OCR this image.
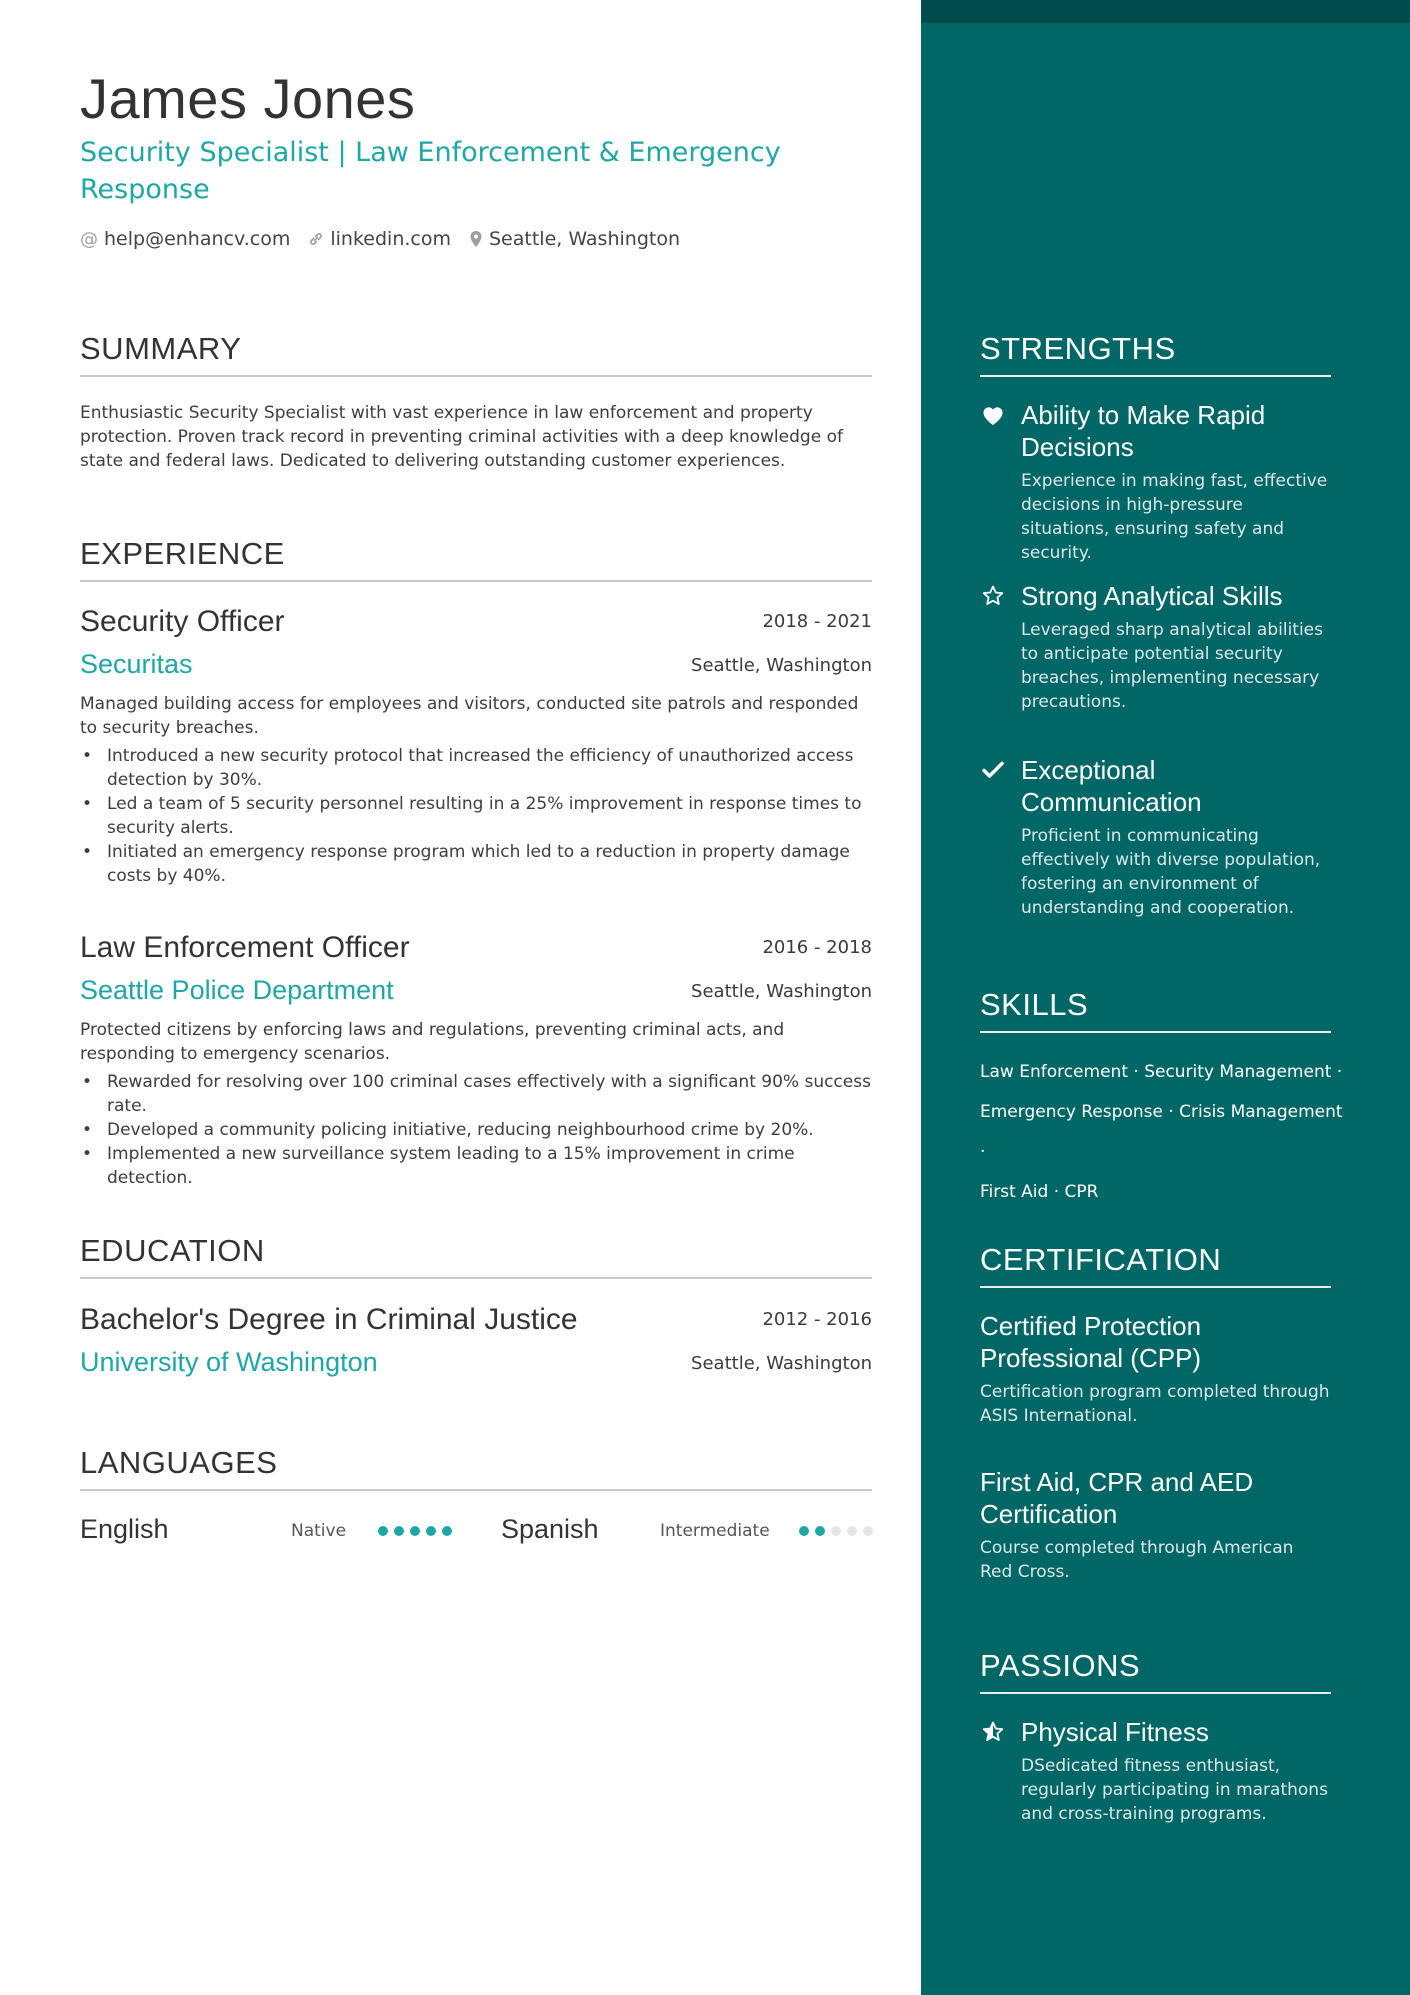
James Jones
Security Specialist | Law Enforcement & Emergency Response
@ help@enhancv.com linkedin.com Seattle, Washington
SUMMARY
Enthusiastic Security Specialist with vast experience in law enforcement and property protection. Proven track record in preventing criminal activities with a deep knowledge of state and federal laws. Dedicated to delivering outstanding customer experiences.
EXPERIENCE
Security Officer	2018 - 2021
Securitas	Seattle, Washington
Managed building access for employees and visitors, conducted site patrols and responded to security breaches.
• Introduced a new security protocol that increased the efficiency of unauthorized access detection by 30%.
• Led a team of 5 security personnel resulting in a 25% improvement in response times to security alerts.
• Initiated an emergency response program which led to a reduction in property damage costs by 40%.
Law Enforcement Officer	2016 - 2018
Seattle Police Department	Seattle, Washington
Protected citizens by enforcing laws and regulations, preventing criminal acts, and responding to emergency scenarios.
• Rewarded for resolving over 100 criminal cases effectively with a significant 90% success rate.
• Developed a community policing initiative, reducing neighbourhood crime by 20%.
• Implemented a new surveillance system leading to a 15% improvement in crime detection.
EDUCATION
Bachelor's Degree in Criminal Justice	2012 - 2016
University of Washington	Seattle, Washington
LANGUAGES
English	Native	Spanish	Intermediate
STRENGTHS
Ability to Make Rapid Decisions
Experience in making fast, effective decisions in high-pressure situations, ensuring safety and security.
Strong Analytical Skills
Leveraged sharp analytical abilities to anticipate potential security breaches, implementing necessary precautions.
Exceptional Communication
Proficient in communicating effectively with diverse population, fostering an environment of understanding and cooperation.
SKILLS
Law Enforcement · Security Management ·
Emergency Response · Crisis Management ·
First Aid · CPR
CERTIFICATION
Certified Protection Professional (CPP)
Certification program completed through ASIS International.
First Aid, CPR and AED Certification
Course completed through American Red Cross.
PASSIONS
Physical Fitness
DSedicated fitness enthusiast, regularly participating in marathons and cross-training programs.
